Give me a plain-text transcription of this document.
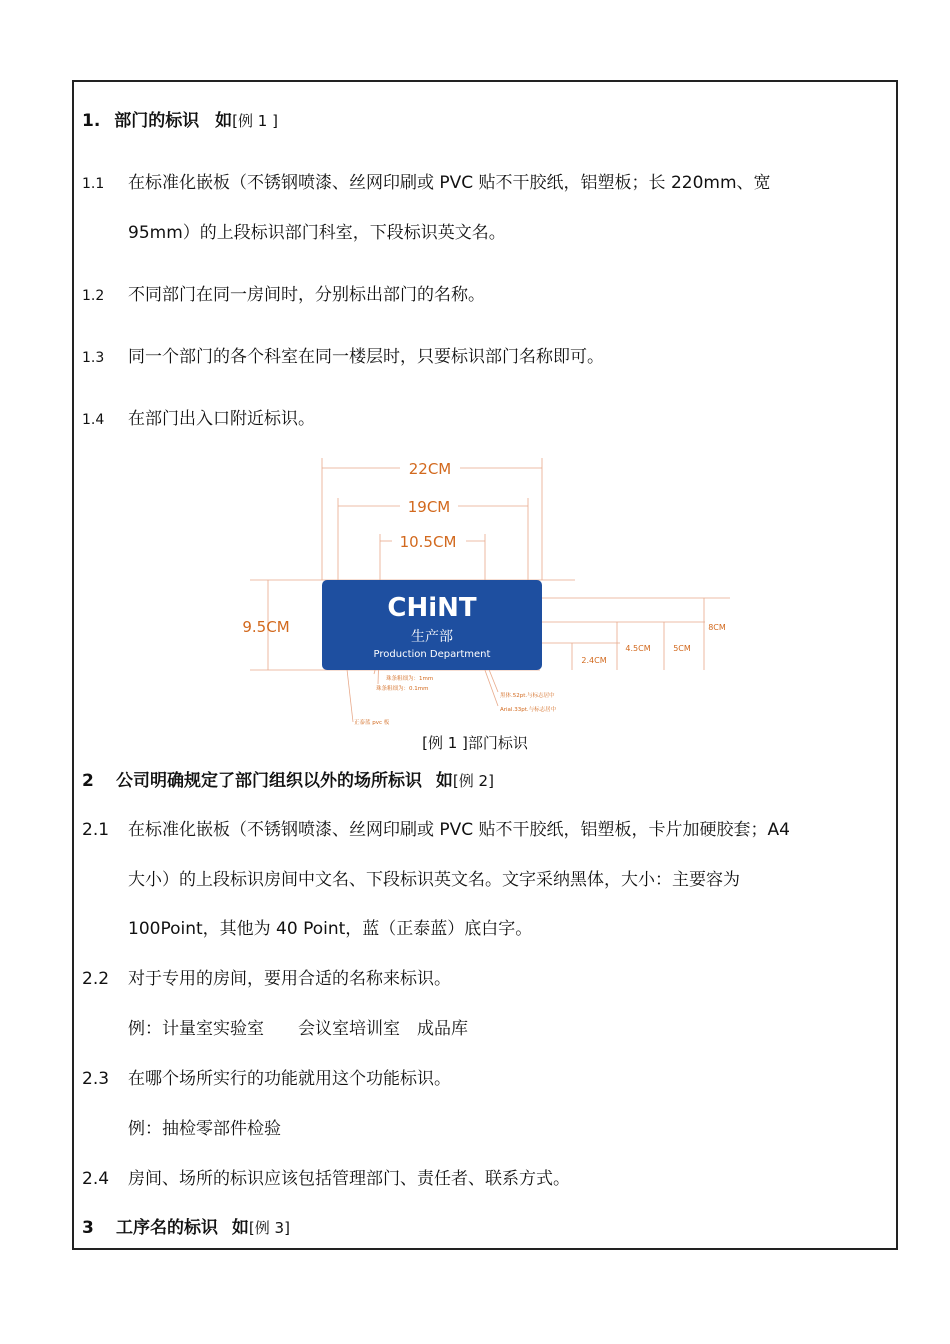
1. 部门的标识 如[例 1 ]
1.1 在标准化嵌板（不锈钢喷漆、丝网印刷或 PVC 贴不干胶纸，铝塑板；长 220mm、宽
95mm）的上段标识部门科室，下段标识英文名。
1.2 不同部门在同一房间时，分别标出部门的名称。
1.3 同一个部门的各个科室在同一楼层时，只要标识部门名称即可。
1.4 在部门出入口附近标识。
CHiNT
生产部
Production Department
22CM
19CM
10.5CM
9.5CM	8CM
5CM
4.5CM
2.4CM
珠条粗细为：1mm
珠条粗细为：0.1mm
黑体.52pt.与标志居中
Arial.33pt.与标志居中
正泰蓝 pvc 板
[例 1 ]部门标识
2 公司明确规定了部门组织以外的场所标识 如[例 2]
2.1 在标准化嵌板（不锈钢喷漆、丝网印刷或 PVC 贴不干胶纸，铝塑板，卡片加硬胶套；A4
大小）的上段标识房间中文名、下段标识英文名。文字采纳黑体，大小：主要容为
100Point，其他为 40 Point，蓝（正泰蓝）底白字。
2.2 对于专用的房间，要用合适的名称来标识。
例：计量室实验室　　会议室培训室　成品库
2.3 在哪个场所实行的功能就用这个功能标识。
例：抽检零部件检验
2.4 房间、场所的标识应该包括管理部门、责任者、联系方式。
3 工序名的标识 如[例 3]
